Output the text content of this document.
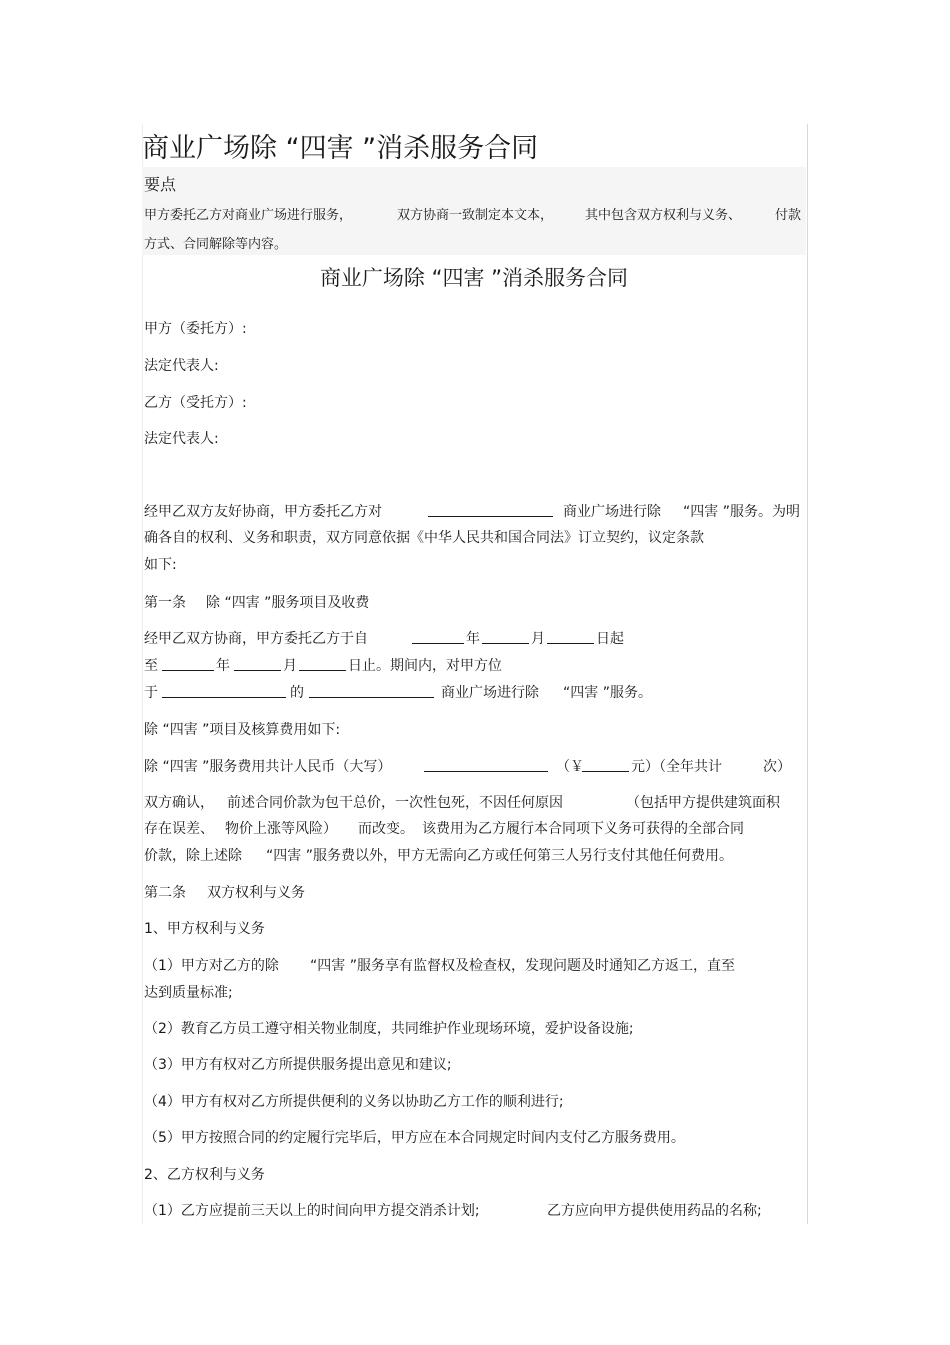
商业广场除 “四害 ”消杀服务合同
要点
甲方委托乙方对商业广场进行服务，	双方协商一致制定本文本， 其中包含双方权利与义务、	付款
方式、合同解除等内容。
商业广场除 “四害 ”消杀服务合同
甲方（委托方）:
法定代表人:
乙方（受托方）:
法定代表人:
经甲乙双方友好协商，甲方委托乙方对	商业广场进行除 “四害 ”服务。为明
确各自的权利、义务和职责，双方同意依据《中华人民共和国合同法》订立契约，议定条款
如下:
第一条 除 “四害 ”服务项目及收费
经甲乙双方协商，甲方委托乙方于自	年	月	日起
至	年	月	日止。期间内，对甲方位
于	的	商业广场进行除 “四害 ”服务。
除 “四害 ”项目及核算费用如下:
除 “四害 ”服务费用共计人民币（大写）	（￥	元）（全年共计	次）
双方确认， 前述合同价款为包干总价，一次性包死，不因任何原因	（包括甲方提供建筑面积
存在误差、 物价上涨等风险） 而改变。 该费用为乙方履行本合同项下义务可获得的全部合同
价款，除上述除 “四害 ”服务费以外，甲方无需向乙方或任何第三人另行支付其他任何费用。
第二条 双方权利与义务
1、甲方权利与义务
（1）甲方对乙方的除 “四害 ”服务享有监督权及检查权，发现问题及时通知乙方返工，直至
达到质量标准;
（2）教育乙方员工遵守相关物业制度，共同维护作业现场环境，爱护设备设施;
（3）甲方有权对乙方所提供服务提出意见和建议;
（4）甲方有权对乙方所提供便利的义务以协助乙方工作的顺利进行;
（5）甲方按照合同的约定履行完毕后，甲方应在本合同规定时间内支付乙方服务费用。
2、乙方权利与义务
（1）乙方应提前三天以上的时间向甲方提交消杀计划;	乙方应向甲方提供使用药品的名称;
